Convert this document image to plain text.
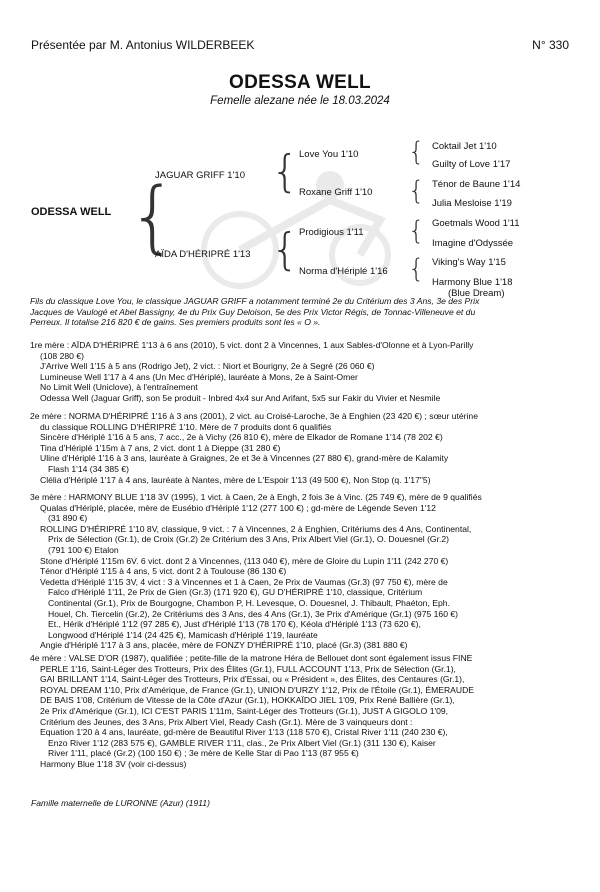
Présentée par M. Antonius WILDERBEEK	N° 330
ODESSA WELL
Femelle alezane née le 18.03.2024
ODESSA WELL {
JAGUAR GRIFF 1'10
AÏDA D'HÉRIPRÉ 1'13
{
{
Love You 1'10
Roxane Griff 1'10
Prodigious 1'11
Norma d'Hériplé 1'16
{
{
{
{
Coktail Jet 1'10
Guilty of Love 1'17
Ténor de Baune 1'14
Julia Mesloise 1'19
Goetmals Wood 1'11
Imagine d'Odyssée
Viking's Way 1'15
Harmony Blue 1'18
(Blue Dream)
Fils du classique Love You, le classique JAGUAR GRIFF a notamment terminé 2e du Critérium des 3 Ans, 3e des Prix
Jacques de Vaulogé et Abel Bassigny, 4e du Prix Guy Deloison, 5e des Prix Victor Régis, de Tonnac-Villeneuve et du
Perreux. Il totalise 216 820 € de gains. Ses premiers produits sont les « O ».
1re mère : AÏDA D'HÉRIPRÉ 1'13 à 6 ans (2010), 5 vict. dont 2 à Vincennes, 1 aux Sables-d'Olonne et à Lyon-Parilly
(108 280 €)
J'Arrive Well 1'15 à 5 ans (Rodrigo Jet), 2 vict. : Niort et Bourigny, 2e à Segré (26 060 €)
Lumineuse Well 1'17 à 4 ans (Un Mec d'Hériplé), lauréate à Mons, 2e à Saint-Omer
No Limit Well (Uniclove), à l'entraînement
Odessa Well (Jaguar Griff), son 5e produit - Inbred 4x4 sur And Arifant, 5x5 sur Fakir du Vivier et Nesmile
2e mère : NORMA D'HÉRIPRÉ 1'16 à 3 ans (2001), 2 vict. au Croisé-Laroche, 3e à Enghien (23 420 €) ; sœur utérine
du classique ROLLING D'HÉRIPRÉ 1'10. Mère de 7 produits dont 6 qualifiés
Sincère d'Hériplé 1'16 à 5 ans, 7 acc., 2e à Vichy (26 810 €), mère de Elkador de Romane 1'14 (78 202 €)
Tina d'Hériplé 1'15m à 7 ans, 2 vict. dont 1 à Dieppe (31 280 €)
Uline d'Hériplé 1'16 à 3 ans, lauréate à Graignes, 2e et 3e à Vincennes (27 880 €), grand-mère de Kalamity
Flash 1'14 (34 385 €)
Clélia d'Hériplé 1'17 à 4 ans, lauréate à Nantes, mère de L'Espoir 1'13 (49 500 €), Non Stop (q. 1'17"5)
3e mère : HARMONY BLUE 1'18 3V (1995), 1 vict. à Caen, 2e à Engh, 2 fois 3e à Vinc. (25 749 €), mère de 9 qualifiés
Qualas d'Hériplé, placée, mère de Eusébio d'Hériplé 1'12 (277 100 €) ; gd-mère de Légende Seven 1'12
(31 890 €)
ROLLING D'HÉRIPRÉ 1'10 8V, classique, 9 vict. : 7 à Vincennes, 2 à Enghien, Critériums des 4 Ans, Continental,
Prix de Sélection (Gr.1), de Croix (Gr.2) 2e Critérium des 3 Ans, Prix Albert Viel (Gr.1), O. Douesnel (Gr.2)
(791 100 €) Etalon
Stone d'Hériplé 1'15m 6V. 6 vict. dont 2 à Vincennes, (113 040 €), mère de Gloire du Lupin 1'11 (242 270 €)
Ténor d'Hériplé 1'15 à 4 ans, 5 vict. dont 2 à Toulouse (86 130 €)
Vedetta d'Hériplé 1'15 3V, 4 vict : 3 à Vincennes et 1 à Caen, 2e Prix de Vaumas (Gr.3) (97 750 €), mère de
Falco d'Hériplé 1'11, 2e Prix de Gien (Gr.3) (171 920 €), GU D'HÉRIPRÉ 1'10, classique, Critérium
Continental (Gr.1), Prix de Bourgogne, Chambon P, H. Levesque, O. Douesnel, J. Thibault, Phaéton, Eph.
Houel, Ch. Tiercelin (Gr.2), 2e Critériums des 3 Ans, des 4 Ans (Gr.1), 3e Prix d'Amérique (Gr.1) (975 160 €)
Et., Hérik d'Hériplé 1'12 (97 285 €), Just d'Hériplé 1'13 (78 170 €), Kéola d'Hériplé 1'13 (73 620 €),
Longwood d'Hériplé 1'14 (24 425 €), Mamicash d'Hériplé 1'19, lauréate
Angie d'Hériplé 1'17 à 3 ans, placée, mère de FONZY D'HÉRIPRÉ 1'10, placé (Gr.3) (381 880 €)
4e mère : VALSE D'OR (1987), qualifiée ; petite-fille de la matrone Héra de Bellouet dont sont également issus FINE
PERLE 1'16, Saint-Léger des Trotteurs, Prix des Élites (Gr.1), FULL ACCOUNT 1'13, Prix de Sélection (Gr.1),
GAI BRILLANT 1'14, Saint-Léger des Trotteurs, Prix d'Essai, ou « Président », des Élites, des Centaures (Gr.1),
ROYAL DREAM 1'10, Prix d'Amérique, de France (Gr.1), UNION D'URZY 1'12, Prix de l'Étoile (Gr.1), ÉMERAUDE
DE BAIS 1'08, Critérium de Vitesse de la Côte d'Azur (Gr.1), HOKKAÏDO JIEL 1'09, Prix René Ballière (Gr.1),
2e Prix d'Amérique (Gr.1), ICI C'EST PARIS 1'11m, Saint-Léger des Trotteurs (Gr.1), JUST A GIGOLO 1'09,
Critérium des Jeunes, des 3 Ans, Prix Albert Viel, Ready Cash (Gr.1). Mère de 3 vainqueurs dont :
Equation 1'20 à 4 ans, lauréate, gd-mère de Beautiful River 1'13 (118 570 €), Cristal River 1'11 (240 230 €),
Enzo River 1'12 (283 575 €), GAMBLE RIVER 1'11, clas., 2e Prix Albert Viel (Gr.1) (311 130 €), Kaiser
River 1'11, placé (Gr.2) (100 150 €) ; 3e mère de Kelle Star di Pao 1'13 (87 955 €)
Harmony Blue 1'18 3V (voir ci-dessus)
Famille maternelle de LURONNE (Azur) (1911)
